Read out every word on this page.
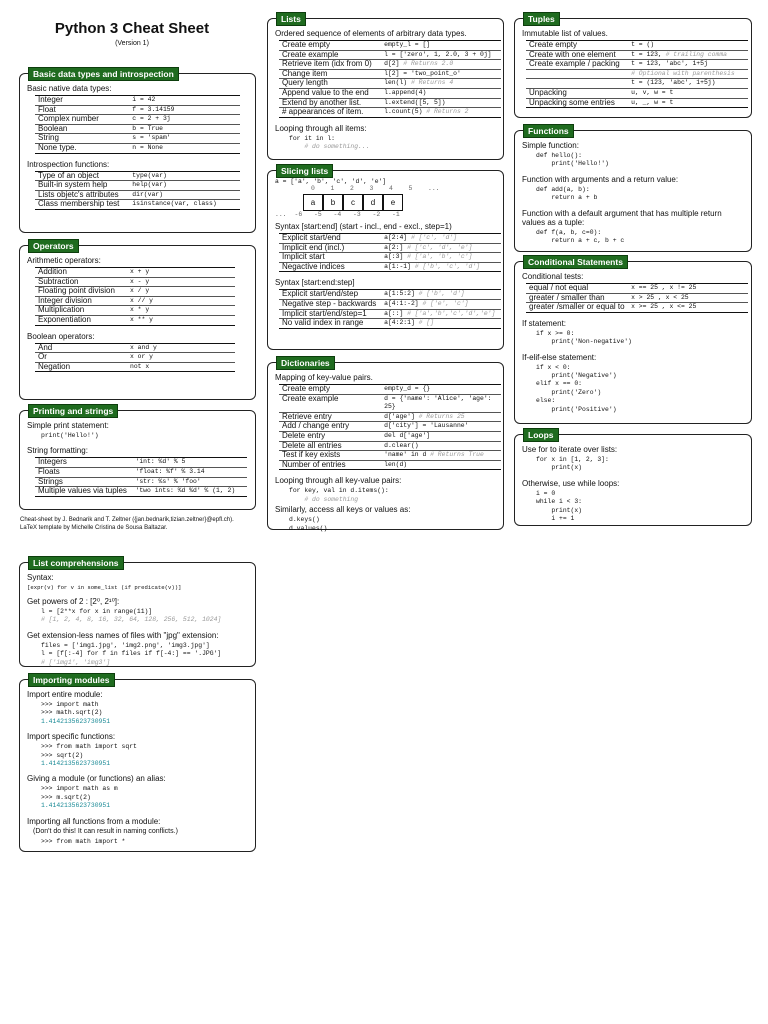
Python 3 Cheat Sheet
(Version 1)
Basic data types and introspection
Basic native data types:
Integer	i = 42
Float	f = 3.14159
Complex number	c = 2 + 3j
Boolean	b = True
String	s = 'spam'
None type.	n = None
Introspection functions:
Type of an object	type(var)
Built-in system help	help(var)
Lists objetc's attributes	dir(var)
Class membership test	isinstance(var, class)
Operators
Arithmetic operators:
Addition	x + y
Subtraction	x - y
Floating point division	x / y
Integer division	x // y
Multiplication	x * y
Exponentiation	x ** y
Boolean operators:
And	x and y
Or	x or y
Negation	not x
Printing and strings
Simple print statement:
print('Hello!')
String formatting:
Integers	'int: %d' % 5
Floats	'float: %f' % 3.14
Strings	'str: %s' % 'foo'
Multiple values via tuples	'two ints: %d %d' % (1, 2)
Cheat-sheet by J. Bednarik and T. Zeltner ({jan.bednarik,tizian.zeltner}@epfl.ch).
LaTeX template by Michelle Cristina de Sousa Baltazar.
List comprehensions
Syntax:
[expr(v) for v in some_list (if predicate(v))]
Get powers of 2 : [2⁰, 2¹⁰]:
l = [2**x for x in range(11)]
# [1, 2, 4, 8, 16, 32, 64, 128, 256, 512, 1024]
Get extension-less names of files with "jpg" extension:
files = ['img1.jpg', 'img2.png', 'img3.jpg']
l = [f[:-4] for f in files if f[-4:] == '.JPG']
# ['img1', 'img3']
Importing modules
Import entire module:
>>> import math
>>> math.sqrt(2)
1.4142135623730951
Import specific functions:
>>> from math import sqrt
>>> sqrt(2)
1.4142135623730951
Giving a module (or functions) an alias:
>>> import math as m
>>> m.sqrt(2)
1.4142135623730951
Importing all functions from a module:
(Don't do this! It can result in naming conflicts.)
>>> from math import *
Lists
Ordered sequence of elements of arbitrary data types.
Create empty	empty_l = []
Create example	l = ['zero', 1, 2.0, 3 + 0j]
Retrieve item (idx from 0)	d[2] # Returns 2.0
Change item	l[2] = 'two_point_o'
Query length	len(l) # Returns 4
Append value to the end	l.append(4)
Extend by another list.	l.extend([5, 5])
# appearances of item.	l.count(5) # Returns 2
Looping through all items:
for it in l:
# do something...
Slicing lists
a = ['a', 'b', 'c', 'd', 'e']
0 1 2 3 4 5 ...
a b c d e
... -6 -5 -4 -3 -2 -1
Syntax [start:end] (start - incl., end - excl., step=1)
Explicit start/end	a[2:4] # ['c', 'd']
Implicit end (incl.)	a[2:] # ['c', 'd', 'e']
Implicit start	a[:3] # ['a', 'b', 'c']
Negactive indices	a[1:-1] # ['b', 'c', 'd']
Syntax [start:end:step]
Explicit start/end/step	a[1:5:2] # ['b', 'd']
Negative step - backwards	a[4:1:-2] # ['e', 'c']
Implicit start/end/step=1	a[::] # ['a','b','c','d','e']
No valid index in range	a[4:2:1] # []
Dictionaries
Mapping of key-value pairs.
Create empty	empty_d = {}
Create example	d = {'name': 'Alice', 'age': 25}
Retrieve entry	d['age'] # Returns 25
Add / change entry	d['city'] = 'Lausanne'
Delete entry	del d['age']
Delete all entries	d.clear()
Test if key exists	'name' in d # Returns True
Number of entries	len(d)
Looping through all key-value pairs:
for key, val in d.items():
# do something
Similarly, access all keys or values as:
d.keys()
d.values()
Tuples
Immutable list of values.
Create empty	t = ()
Create with one element	t = 123, # trailing comma
Create example / packing	t = 123, 'abc', 1+5j
	# Optional with parenthesis
	t = (123, 'abc', 1+5j)
Unpacking	u, v, w = t
Unpacking some entries	u, _, w = t
Functions
Simple function:
def hello():
print('Hello!')
Function with arguments and a return value:
def add(a, b):
return a + b
Function with a default argument that has multiple return values as a tuple:
def f(a, b, c=0):
return a + c, b + c
Conditional Statements
Conditional tests:
equal / not equal	x == 25 , x != 25
greater / smaller than	x > 25 , x < 25
greater /smaller or equal to	x >= 25 , x <= 25
If statement:
if x >= 0:
print('Non-negative')
If-elif-else statement:
if x < 0:
print('Negative')
elif x == 0:
print('Zero')
else:
print('Positive')
Loops
Use for to iterate over lists:
for x in [1, 2, 3]:
print(x)
Otherwise, use while loops:
i = 0
while i < 3:
print(x)
i += 1
